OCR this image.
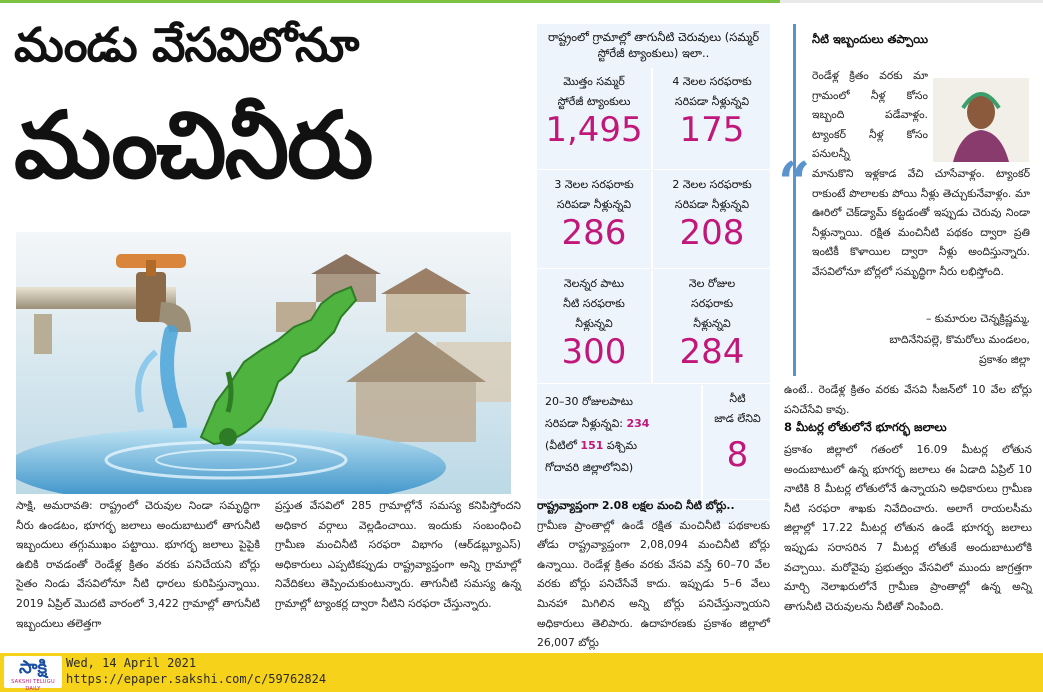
మండు వేసవిలోనూ
మంచినీరు
రాష్ట్రంలో గ్రామాల్లో తాగునీటి చెరువులు (సమ్మర్ స్టోరేజీ ట్యాంకులు) ఇలా..
మొత్తం సమ్మర్
స్టోరేజీ ట్యాంకులు
1,495
4 నెలల సరఫరాకు
సరిపడా నీళ్లున్నవి
175
3 నెలల సరఫరాకు
సరిపడా నీళ్లున్నవి
286
2 నెలల సరఫరాకు
సరిపడా నీళ్లున్నవి
208
నెలన్నర పాటు
నీటి సరఫరాకు
నీళ్లున్నవి
300
నెల రోజుల
సరఫరాకు
నీళ్లున్నవి
284
20–30 రోజులపాటు
సరిపడా నీళ్లున్నవి: 234
(వీటిలో 151 పశ్చిమ
గోదావరి జిల్లాలోనివి)
నీటి
జాడ లేనివి
8

సాక్షి, అమరావతి: రాష్ట్రంలో చెరువుల నిండా సమృద్ధిగా నీరు ఉండటం, భూగర్భ జలాలు అందుబాటులో తాగునీటి ఇబ్బందులు తగ్గుముఖం పట్టాయి. భూగర్భ జలాలు పైపైకి ఉబికి రావడంతో రెండేళ్ల క్రితం వరకు పనిచేయని బోర్లు సైతం నిండు వేసవిలోనూ నీటి ధారలు కురిపిస్తున్నాయి. 2019 ఏప్రిల్ మొదటి వారంలో 3,422 గ్రామాల్లో తాగునీటి ఇబ్బందులు తలెత్తగా

ప్రస్తుత వేసవిలో 285 గ్రామాల్లోనే సమస్య కనిపిస్తోందని అధికార వర్గాలు వెల్లడించాయి. ఇందుకు సంబంధించి గ్రామీణ మంచినీటి సరఫరా విభాగం (ఆర్‌డబ్ల్యూఎస్) అధికారులు ఎప్పటికప్పుడు రాష్ట్రవ్యాప్తంగా అన్ని గ్రామాల్లో నివేదికలు తెప్పించుకుంటున్నారు. తాగునీటి సమస్య ఉన్న గ్రామాల్లో ట్యాంకర్ల ద్వారా నీటిని సరఫరా చేస్తున్నారు.

రాష్ట్రవ్యాప్తంగా 2.08 లక్షల మంచి నీటి బోర్లు..

గ్రామీణ ప్రాంతాల్లో ఉండే రక్షిత మంచినీటి పథకాలకు తోడు రాష్ట్రవ్యాప్తంగా 2,08,094 మంచినీటి బోర్లు ఉన్నాయి. రెండేళ్ల క్రితం వరకు వేసవి వస్తే 60–70 వేల వరకు బోర్లు పనిచేసేవే కాదు. ఇప్పుడు 5–6 వేలు మినహా మిగిలిన అన్ని బోర్లు పనిచేస్తున్నాయని అధికారులు తెలిపారు. ఉదాహరణకు ప్రకాశం జిల్లాలో 26,007 బోర్లు

నీటి ఇబ్బందులు తప్పాయి
“
రెండేళ్ల క్రితం వరకు మా గ్రామంలో నీళ్ల కోసం ఇబ్బంది పడేవాళ్లం. ట్యాంకర్ నీళ్ల కోసం పనులన్నీ
మానుకొని ఇళ్లకాడ వేచి చూసేవాళ్లం. ట్యాంకర్ రాకుంటే పొలాలకు పోయి నీళ్లు తెచ్చుకునేవాళ్లం. మా ఊరిలో చెక్‌డ్యామ్ కట్టడంతో ఇప్పుడు చెరువు నిండా నీళ్లున్నాయి. రక్షిత మంచినీటి పథకం ద్వారా ప్రతి ఇంటికీ కొళాయిల ద్వారా నీళ్లు అందిస్తున్నారు. వేసవిలోనూ బోర్లలో సమృద్ధిగా నీరు లభిస్తోంది.
– కుమారుల చెన్నక్రిష్ణమ్మ,
బాదినేనిపల్లె, కొమరోలు మండలం,
ప్రకాశం జిల్లా

ఉంటే.. రెండేళ్ల క్రితం వరకు వేసవి సీజన్‌లో 10 వేల బోర్లు పనిచేసేవి కావు.

8 మీటర్ల లోతులోనే భూగర్భ జలాలు

ప్రకాశం జిల్లాలో గతంలో 16.09 మీటర్ల లోతున అందుబాటులో ఉన్న భూగర్భ జలాలు ఈ ఏడాది ఏప్రిల్ 10 నాటికి 8 మీటర్ల లోతులోనే ఉన్నాయని అధికారులు గ్రామీణ నీటి సరఫరా శాఖకు నివేదించారు. అలాగే రాయలసీమ జిల్లాల్లో 17.22 మీటర్ల లోతున ఉండే భూగర్భ జలాలు ఇప్పుడు సరాసరిన 7 మీటర్ల లోతుకే అందుబాటులోకి వచ్చాయి. మరోవైపు ప్రభుత్వం వేసవిలో ముందు జాగ్రత్తగా మార్చి నెలాఖరులోనే గ్రామీణ ప్రాంతాల్లో ఉన్న అన్ని తాగునీటి చెరువులను నీటితో నింపింది.

సాక్షి
SAKSHI TELUGU DAILY
Wed, 14 April 2021
https://epaper.sakshi.com/c/59762824
